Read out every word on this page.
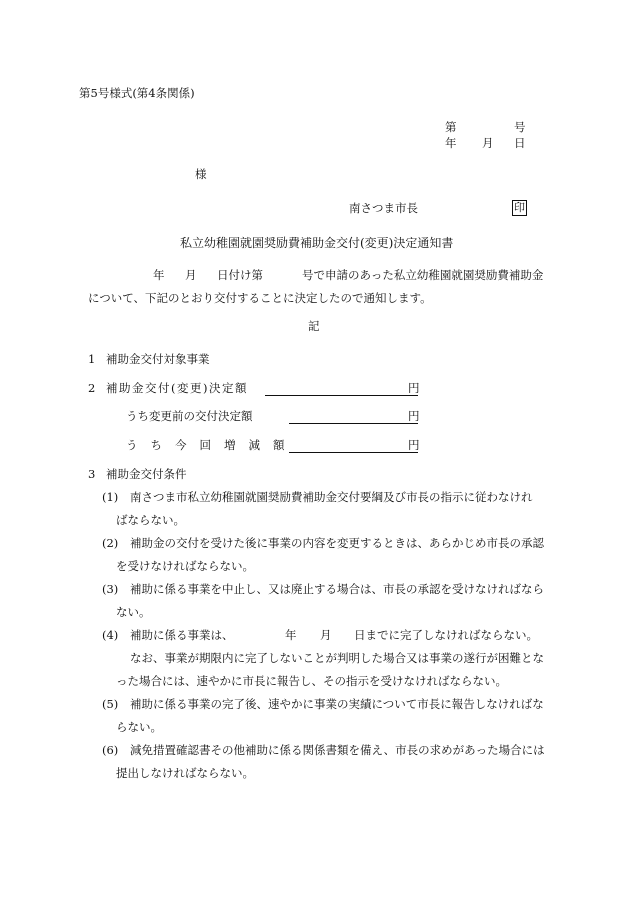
第5号様式(第4条関係)
第	号
年 月 日
様
南さつま市長	印
私立幼稚園就園奨励費補助金交付(変更)決定通知書
年 月 日付け第	号で申請のあった私立幼稚園就園奨励費補助金
について、下記のとおり交付することに決定したので通知します。
記
1 補助金交付対象事業
2 補助金交付(変更)決定額	円
うち変更前の交付決定額	円
うち今回増減額	円
3 補助金交付条件
(1) 南さつま市私立幼稚園就園奨励費補助金交付要綱及び市長の指示に従わなけれ
ばならない。
(2) 補助金の交付を受けた後に事業の内容を変更するときは、あらかじめ市長の承認
を受けなければならない。
(3) 補助に係る事業を中止し、又は廃止する場合は、市長の承認を受けなければなら
ない。
(4) 補助に係る事業は、	年 月 日までに完了しなければならない。
なお、事業が期限内に完了しないことが判明した場合又は事業の遂行が困難とな
った場合には、速やかに市長に報告し、その指示を受けなければならない。
(5) 補助に係る事業の完了後、速やかに事業の実績について市長に報告しなければな
らない。
(6) 減免措置確認書その他補助に係る関係書類を備え、市長の求めがあった場合には
提出しなければならない。
